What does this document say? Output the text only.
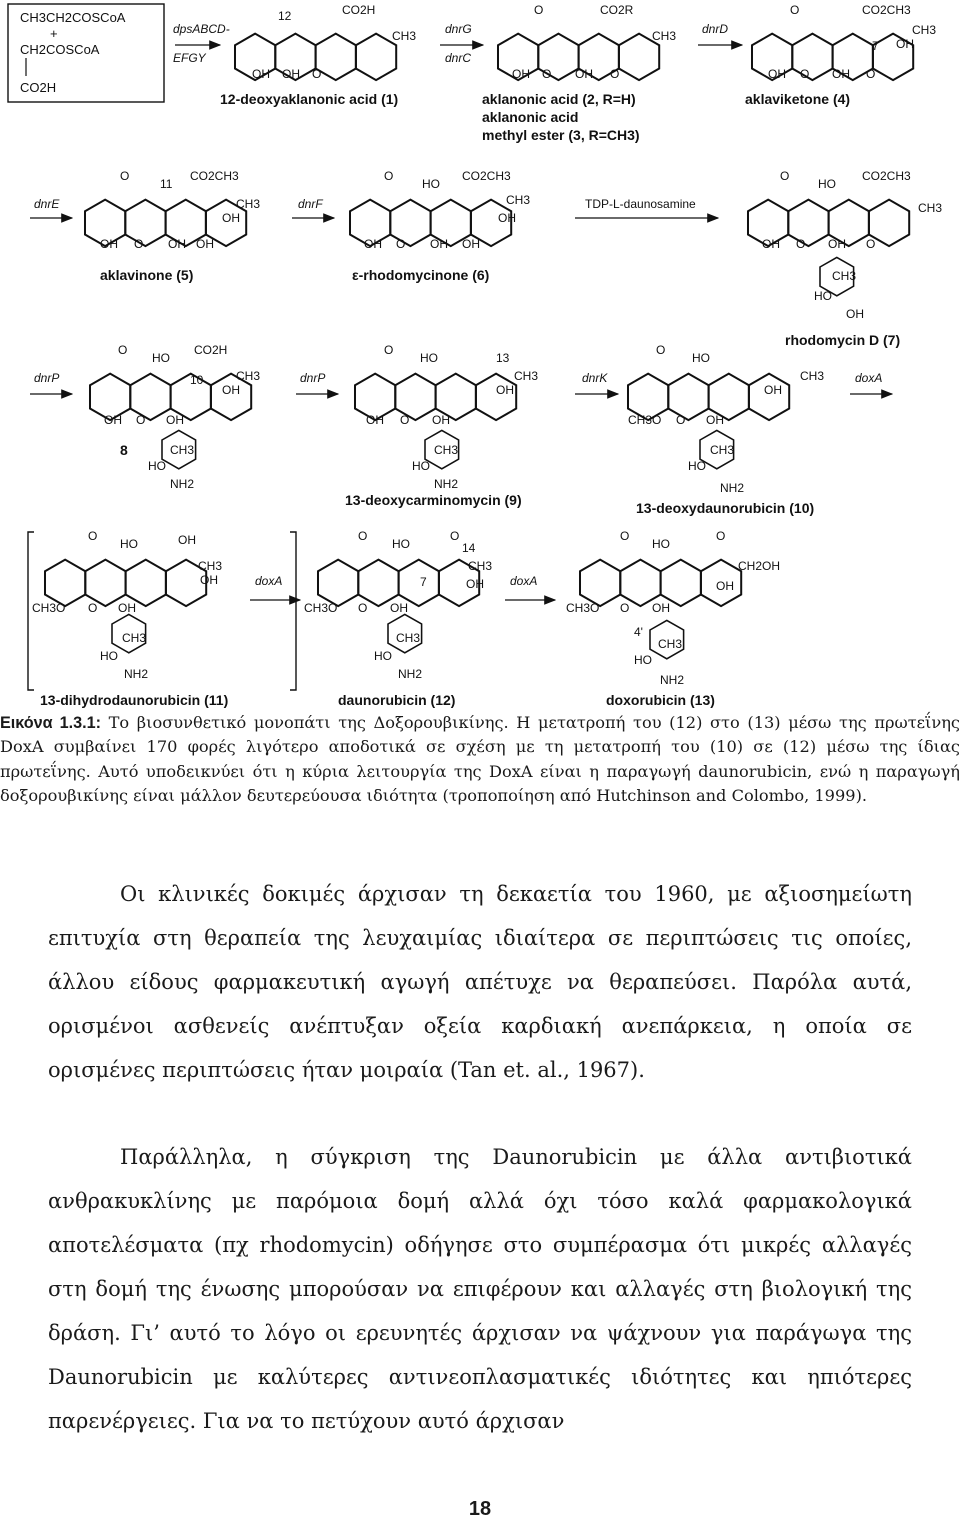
CH3CH2COSCoA
+
CH2COSCoA
CO2H
dpsABCD-
EFGY
12	CO2H
CH3
OH OH O
12-deoxyaklanonic acid (1)
dnrG
dnrC
O	CO2R
CH3
OH O OH O
aklanonic acid (2, R=H)
aklanonic acid
methyl ester (3, R=CH3)
dnrD
O	CO2CH3
CH3
OH
7
OH O OH O
aklaviketone (4)
dnrE
O
11
CO2CH3
CH3
OH
OH O OH OH
aklavinone (5)
dnrF
O
HO
CO2CH3
CH3
OH
OH O OH OH
ε-rhodomycinone (6)
TDP-L-daunosamine
O
HO
CO2CH3
CH3
OH O OH O
CH3
HO
OH
rhodomycin D (7)
dnrP
O
HO
CO2H
10	CH3
OH
OH O OH
CH3
HO
NH2
8
dnrP
O
HO	13
CH3
OH
OH O OH
CH3
HO
NH2
13-deoxycarminomycin (9)
dnrK
O
HO
CH3
OH
CH3O O OH
CH3
HO
NH2
13-deoxydaunorubicin (10)
doxA
O
HO	OH
CH3
OH
CH3O O OH
CH3
HO
NH2
13-dihydrodaunorubicin (11)
doxA
O
HO
O
14
CH3
OH
7
CH3O O OH
CH3
HO
NH2
daunorubicin (12)
doxA
O
HO
O
CH2OH
OH
CH3O O OH
4'
CH3
HO
NH2
doxorubicin (13)
Εικόνα 1.3.1: Το βιοσυνθετικό μονοπάτι της Δοξορουβικίνης. Η μετατροπή του (12) στο (13) μέσω της πρωτεΐνης DoxA συμβαίνει 170 φορές λιγότερο αποδοτικά σε σχέση με τη μετατροπή του (10) σε (12) μέσω της ίδιας πρωτεΐνης. Αυτό υποδεικνύει ότι η κύρια λειτουργία της DoxA είναι η παραγωγή daunorubicin, ενώ η παραγωγή δοξορουβικίνης είναι μάλλον δευτερεύουσα ιδιότητα (τροποποίηση από Hutchinson and Colombo, 1999).

Οι κλινικές δοκιμές άρχισαν τη δεκαετία του 1960, με αξιοσημείωτη επιτυχία στη θεραπεία της λευχαιμίας ιδιαίτερα σε περιπτώσεις τις οποίες, άλλου είδους φαρμακευτική αγωγή απέτυχε να θεραπεύσει. Παρόλα αυτά, ορισμένοι ασθενείς ανέπτυξαν οξεία καρδιακή ανεπάρκεια, η οποία σε ορισμένες περιπτώσεις ήταν μοιραία (Tan et. al., 1967).

Παράλληλα, η σύγκριση της Daunorubicin με άλλα αντιβιοτικά ανθρακυκλίνης με παρόμοια δομή αλλά όχι τόσο καλά φαρμακολογικά αποτελέσματα (πχ rhodomycin) οδήγησε στο συμπέρασμα ότι μικρές αλλαγές στη δομή της ένωσης μπορούσαν να επιφέρουν και αλλαγές στη βιολογική της δράση. Γι’ αυτό το λόγο οι ερευνητές άρχισαν να ψάχνουν για παράγωγα της Daunorubicin με καλύτερες αντινεοπλασματικές ιδιότητες και ηπιότερες παρενέργειες. Για να το πετύχουν αυτό άρχισαν

18
